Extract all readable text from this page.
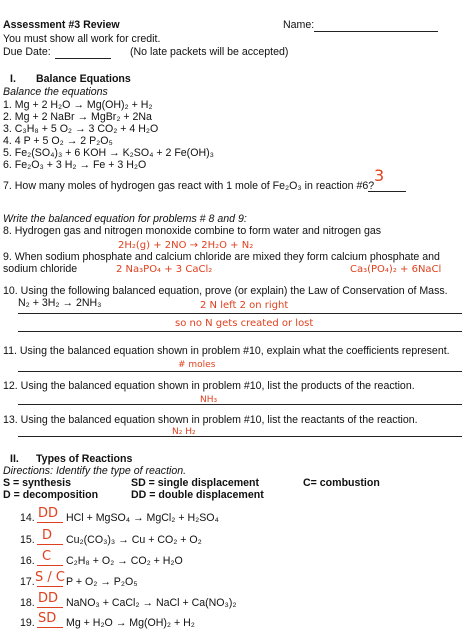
Assessment #3 Review	Name:
You must show all work for credit.
Due Date:	(No late packets will be accepted)
I. Balance Equations
Balance the equations
1. Mg + 2 H₂O → Mg(OH)₂ + H₂
2. Mg + 2 NaBr → MgBr₂ + 2Na
3. C₃H₈ + 5 O₂ → 3 CO₂ + 4 H₂O
4. 4 P + 5 O₂ → 2 P₂O₅
5. Fe₂(SO₄)₃ + 6 KOH → K₂SO₄ + 2 Fe(OH)₃
6. Fe₂O₃ + 3 H₂ → Fe + 3 H₂O
7. How many moles of hydrogen gas react with 1 mole of Fe₂O₃ in reaction #6?
3
Write the balanced equation for problems # 8 and 9:
8. Hydrogen gas and nitrogen monoxide combine to form water and nitrogen gas
2H₂(g) + 2NO → 2H₂O + N₂
9. When sodium phosphate and calcium chloride are mixed they form calcium phosphate and
sodium chloride	2 Na₃PO₄ + 3 CaCl₂	Ca₃(PO₄)₂ + 6NaCl
10. Using the following balanced equation, prove (or explain) the Law of Conservation of Mass.
N₂ + 3H₂ → 2NH₃	2 N left 2 on right
so no N gets created or lost
11. Using the balanced equation shown in problem #10, explain what the coefficients represent.
# moles
12. Using the balanced equation shown in problem #10, list the products of the reaction.
NH₃
13. Using the balanced equation shown in problem #10, list the reactants of the reaction.
N₂ H₂
II. Types of Reactions
Directions: Identify the type of reaction.
S = synthesis	SD = single displacement	C= combustion
D = decomposition	DD = double displacement
14. DD HCl + MgSO₄ → MgCl₂ + H₂SO₄
15. D Cu₂(CO₃)₃ → Cu + CO₂ + O₂
16. C C₂H₈ + O₂ → CO₂ + H₂O
17. S / C P + O₂ → P₂O₅
18. DD NaNO₃ + CaCl₂ → NaCl + Ca(NO₃)₂
19. SD Mg + H₂O → Mg(OH)₂ + H₂
